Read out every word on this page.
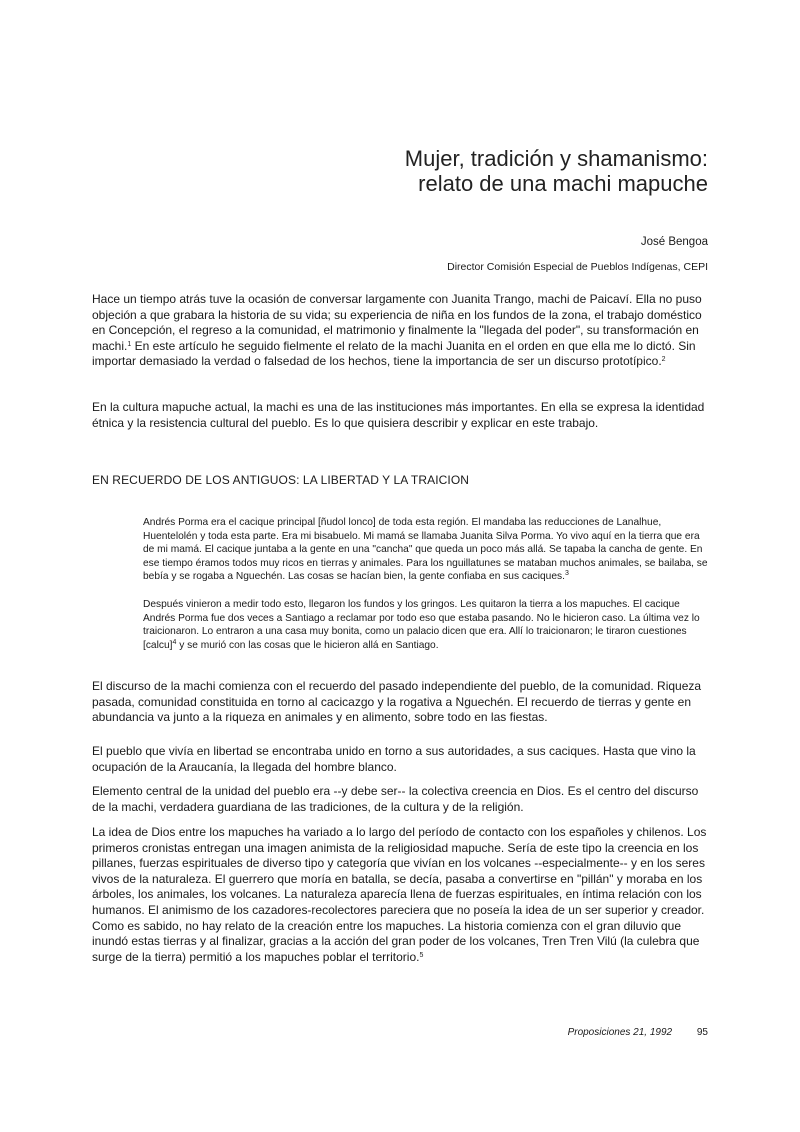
Mujer, tradición y shamanismo:
relato de una machi mapuche
José Bengoa
Director Comisión Especial de Pueblos Indígenas, CEPI

Hace un tiempo atrás tuve la ocasión de conversar largamente con Juanita Trango, machi de Paicaví. Ella no puso objeción a que grabara la historia de su vida; su experiencia de niña en los fundos de la zona, el trabajo doméstico en Concepción, el regreso a la comunidad, el matrimonio y finalmente la "llegada del poder", su transformación en machi.$^1$ En este artículo he seguido fielmente el relato de la machi Juanita en el orden en que ella me lo dictó. Sin importar demasiado la verdad o falsedad de los hechos, tiene la importancia de ser un discurso prototípico.$^2$

En la cultura mapuche actual, la machi es una de las instituciones más importantes. En ella se expresa la identidad étnica y la resistencia cultural del pueblo. Es lo que quisiera describir y explicar en este trabajo.

EN RECUERDO DE LOS ANTIGUOS: LA LIBERTAD Y LA TRAICION

Andrés Porma era el cacique principal [ñudol lonco] de toda esta región. El mandaba las reducciones de Lanalhue, Huentelolén y toda esta parte. Era mi bisabuelo. Mi mamá se llamaba Juanita Silva Porma. Yo vivo aquí en la tierra que era de mi mamá. El cacique juntaba a la gente en una "cancha" que queda un poco más allá. Se tapaba la cancha de gente. En ese tiempo éramos todos muy ricos en tierras y animales. Para los nguillatunes se mataban muchos animales, se bailaba, se bebía y se rogaba a Nguechén. Las cosas se hacían bien, la gente confiaba en sus caciques.$^3$

Después vinieron a medir todo esto, llegaron los fundos y los gringos. Les quitaron la tierra a los mapuches. El cacique Andrés Porma fue dos veces a Santiago a reclamar por todo eso que estaba pasando. No le hicieron caso. La última vez lo traicionaron. Lo entraron a una casa muy bonita, como un palacio dicen que era. Allí lo traicionaron; le tiraron cuestiones [calcu]$^4$ y se murió con las cosas que le hicieron allá en Santiago.

El discurso de la machi comienza con el recuerdo del pasado independiente del pueblo, de la comunidad. Riqueza pasada, comunidad constituida en torno al cacicazgo y la rogativa a Nguechén. El recuerdo de tierras y gente en abundancia va junto a la riqueza en animales y en alimento, sobre todo en las fiestas.

El pueblo que vivía en libertad se encontraba unido en torno a sus autoridades, a sus caciques. Hasta que vino la ocupación de la Araucanía, la llegada del hombre blanco.

Elemento central de la unidad del pueblo era --y debe ser-- la colectiva creencia en Dios. Es el centro del discurso de la machi, verdadera guardiana de las tradiciones, de la cultura y de la religión.

La idea de Dios entre los mapuches ha variado a lo largo del período de contacto con los españoles y chilenos. Los primeros cronistas entregan una imagen animista de la religiosidad mapuche. Sería de este tipo la creencia en los pillanes, fuerzas espirituales de diverso tipo y categoría que vivían en los volcanes --especialmente-- y en los seres vivos de la naturaleza. El guerrero que moría en batalla, se decía, pasaba a convertirse en "pillán" y moraba en los árboles, los animales, los volcanes. La naturaleza aparecía llena de fuerzas espirituales, en íntima relación con los humanos. El animismo de los cazadores-recolectores pareciera que no poseía la idea de un ser superior y creador. Como es sabido, no hay relato de la creación entre los mapuches. La historia comienza con el gran diluvio que inundó estas tierras y al finalizar, gracias a la acción del gran poder de los volcanes, Tren Tren Vilú (la culebra que surge de la tierra) permitió a los mapuches poblar el territorio.$^5$

Proposiciones 21, 1992 95
